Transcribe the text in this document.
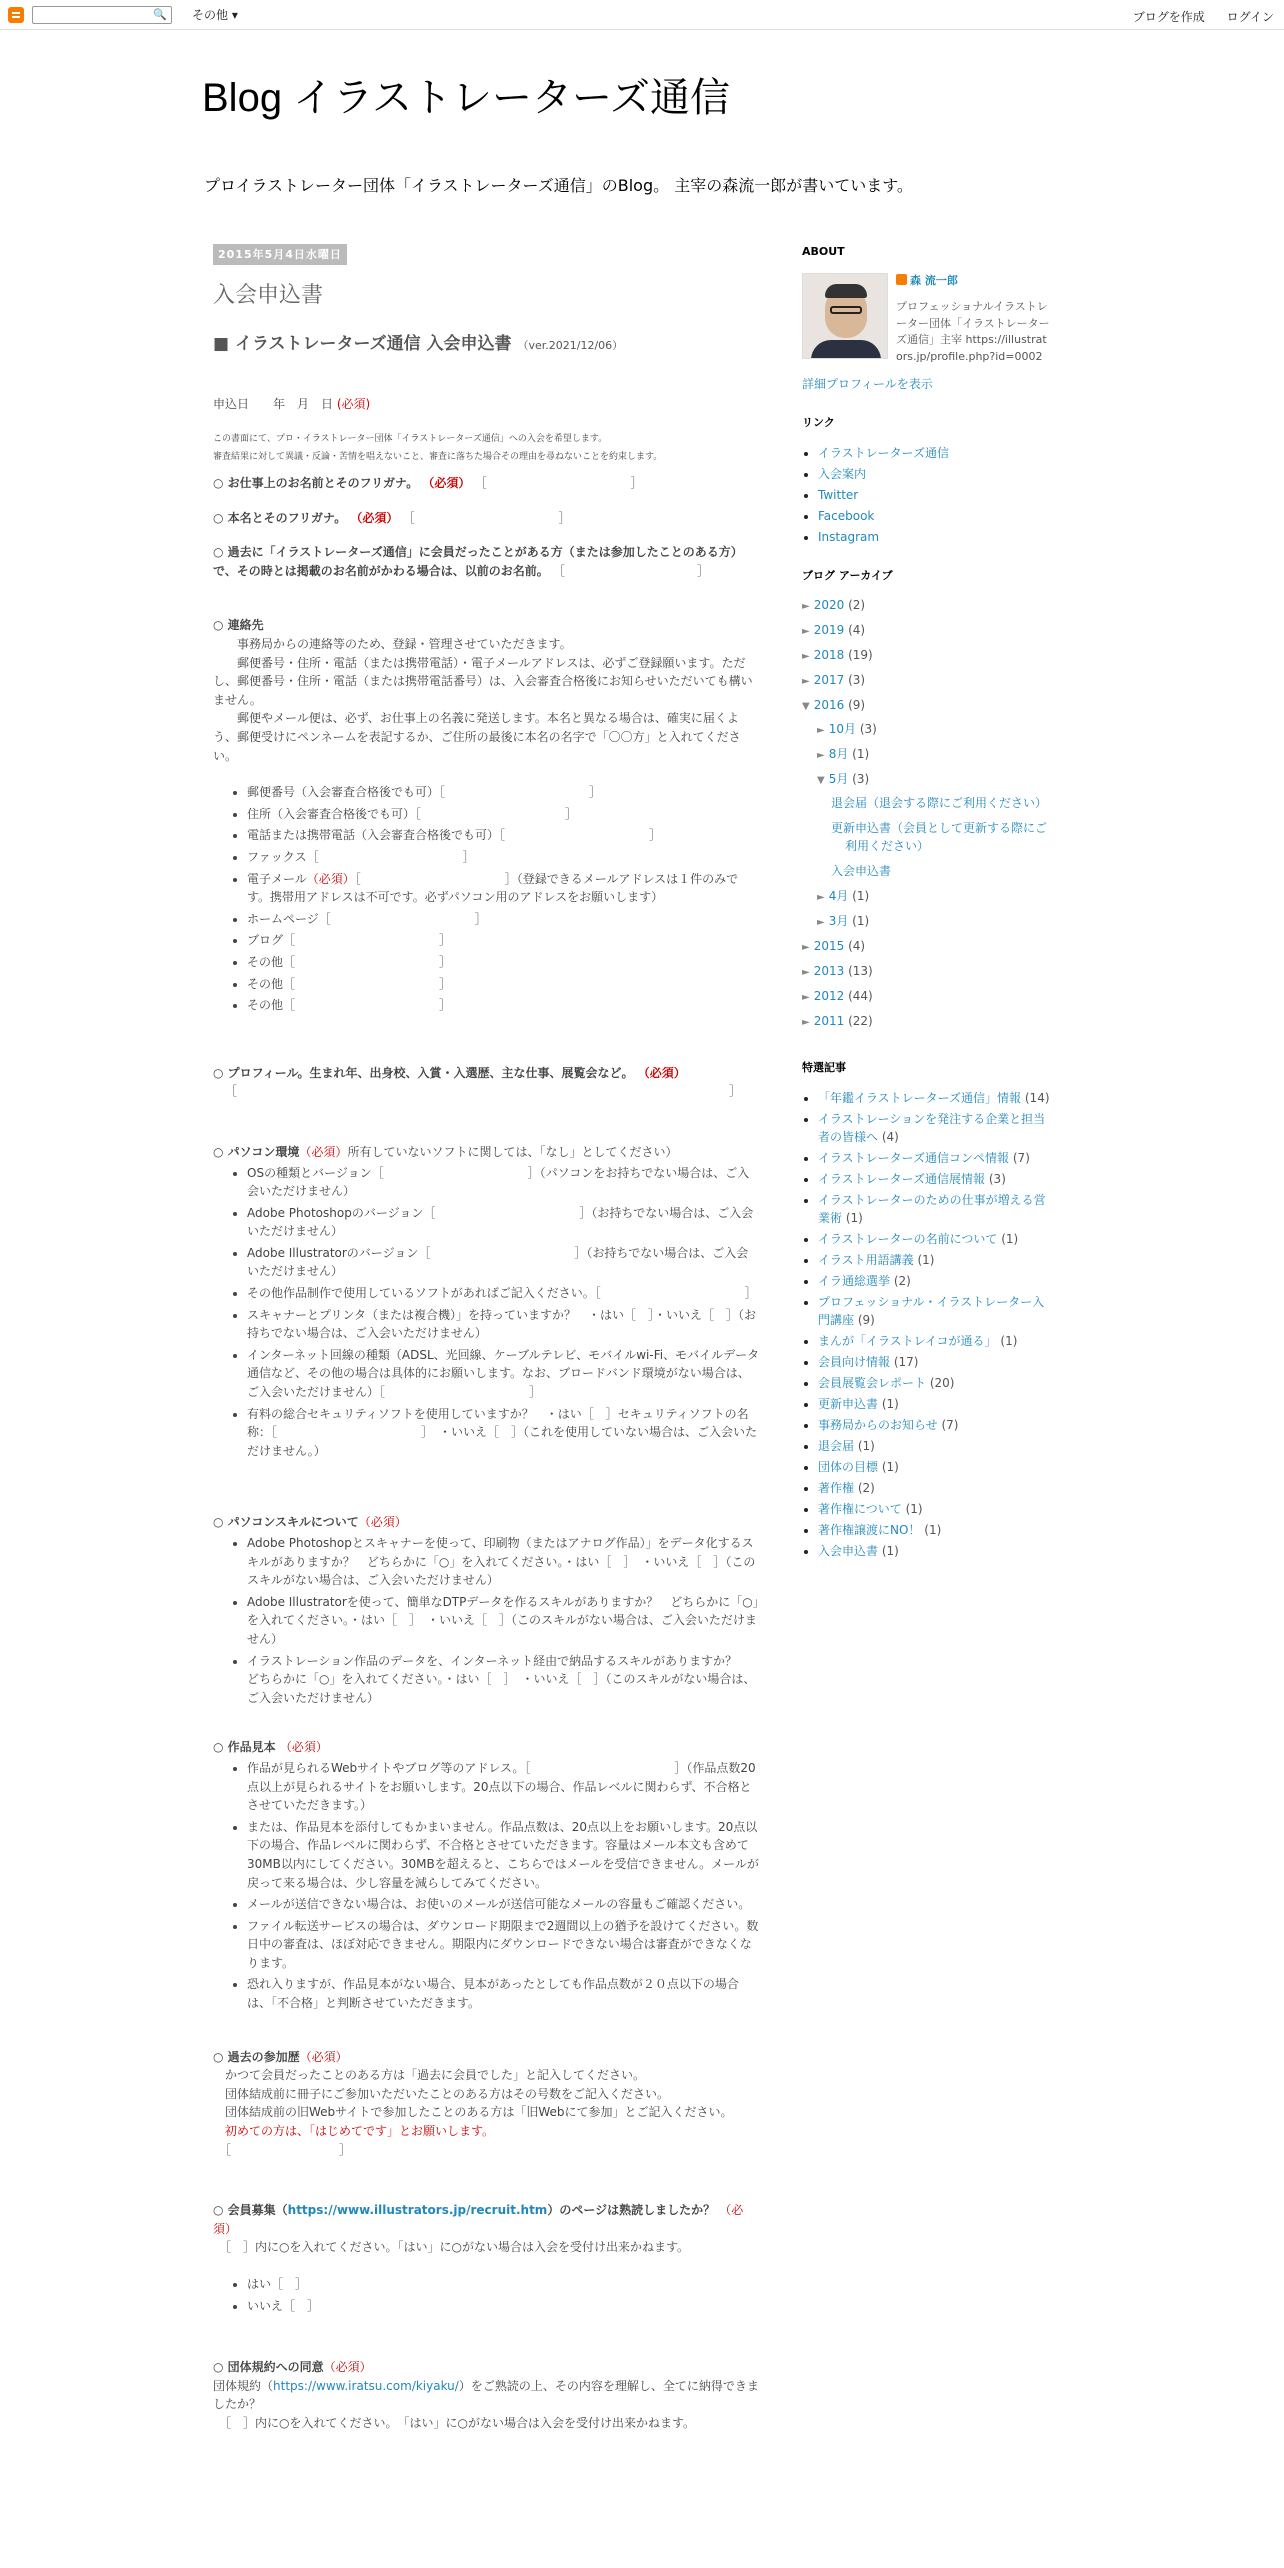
🔍 その他 ▾	ブログを作成 ログイン
Blog イラストレーターズ通信
プロイラストレーター団体「イラストレーターズ通信」のBlog。 主宰の森流一郎が書いています。
2015年5月4日水曜日
入会申込書
■ イラストレーターズ通信 入会申込書 （ver.2021/12/06）

申込日　　年　月　日 (必須)

この書面にて、プロ・イラストレーター団体「イラストレーターズ通信」への入会を希望します。

審査結果に対して異議・反論・苦情を唱えないこと、審査に落ちた場合その理由を尋ねないことを約束します。

○ お仕事上のお名前とそのフリガナ。 （必須） ［　　　　　　　　　　　　］

○ 本名とそのフリガナ。 （必須） ［　　　　　　　　　　　　］

○ 過去に「イラストレーターズ通信」に会員だったことがある方（または参加したことのある方）で、その時とは掲載のお名前がかわる場合は、以前のお名前。 ［　　　　　　　　　　　］

○ 連絡先

　　事務局からの連絡等のため、登録・管理させていただきます。

　　郵便番号・住所・電話（または携帯電話）・電子メールアドレスは、必ずご登録願います。ただし、郵便番号・住所・電話（または携帯電話番号）は、入会審査合格後にお知らせいただいても構いません。

　　郵便やメール便は、必ず、お仕事上の名義に発送します。本名と異なる場合は、確実に届くよう、郵便受けにペンネームを表記するか、ご住所の最後に本名の名字で「〇〇方」と入れてください。

• 郵便番号（入会審査合格後でも可）［　　　　　　　　　　　　］
• 住所（入会審査合格後でも可）［　　　　　　　　　　　　］
• 電話または携帯電話（入会審査合格後でも可）［　　　　　　　　　　　　］
• ファックス［　　　　　　　　　　　　］
• 電子メール（必須）［　　　　　　　　　　　　］（登録できるメールアドレスは１件のみです。携帯用アドレスは不可です。必ずパソコン用のアドレスをお願いします）
• ホームページ［　　　　　　　　　　　　］
• ブログ［　　　　　　　　　　　　］
• その他［　　　　　　　　　　　　］
• その他［　　　　　　　　　　　　］
• その他［　　　　　　　　　　　　］

○ プロフィール。生まれ年、出身校、入賞・入選歴、主な仕事、展覧会など。 （必須）

［　　　　　　　　　　　　　　　　　　　　　　　　　　　　　　　　　　　　　　　　　］

○ パソコン環境（必須）所有していないソフトに関しては、「なし」としてください）

• OSの種類とバージョン［　　　　　　　　　　　　］（パソコンをお持ちでない場合は、ご入会いただけません）
• Adobe Photoshopのバージョン［　　　　　　　　　　　　］（お持ちでない場合は、ご入会いただけません）
• Adobe Illustratorのバージョン［　　　　　　　　　　　　］（お持ちでない場合は、ご入会いただけません）
• その他作品制作で使用しているソフトがあればご記入ください。［　　　　　　　　　　　　］
• スキャナーとプリンタ（または複合機）」を持っていますか？　・はい［　］・いいえ［　］（お持ちでない場合は、ご入会いただけません）
• インターネット回線の種類（ADSL、光回線、ケーブルテレビ、モバイルwi-Fi、モバイルデータ通信など、その他の場合は具体的にお願いします。なお、ブロードバンド環境がない場合は、ご入会いただけません）［　　　　　　　　　　　　］
• 有料の総合セキュリティソフトを使用していますか？　・はい［　］セキュリティソフトの名称：［　　　　　　　　　　　　］　・いいえ［　］（これを使用していない場合は、ご入会いただけません。）

○ パソコンスキルについて（必須）

• Adobe Photoshopとスキャナーを使って、印刷物（またはアナログ作品）」をデータ化するスキルがありますか？　どちらかに「○」を入れてください。・はい［　］　・いいえ［　］（このスキルがない場合は、ご入会いただけません）
• Adobe Illustratorを使って、簡単なDTPデータを作るスキルがありますか？　どちらかに「○」を入れてください。・はい［　］　・いいえ［　］（このスキルがない場合は、ご入会いただけません）
• イラストレーション作品のデータを、インターネット経由で納品するスキルがありますか？　どちらかに「○」を入れてください。・はい［　］　・いいえ［　］（このスキルがない場合は、ご入会いただけません）

○ 作品見本 （必須）

• 作品が見られるWebサイトやブログ等のアドレス。［　　　　　　　　　　　　］（作品点数20点以上が見られるサイトをお願いします。20点以下の場合、作品レベルに関わらず、不合格とさせていただきます。）
• または、作品見本を添付してもかまいません。作品点数は、20点以上をお願いします。20点以下の場合、作品レベルに関わらず、不合格とさせていただきます。容量はメール本文も含めて30MB以内にしてください。30MBを超えると、こちらではメールを受信できません。メールが戻って来る場合は、少し容量を減らしてみてください。
• メールが送信できない場合は、お使いのメールが送信可能なメールの容量もご確認ください。
• ファイル転送サービスの場合は、ダウンロード期限まで2週間以上の猶予を設けてください。数日中の審査は、ほぼ対応できません。期限内にダウンロードできない場合は審査ができなくなります。
• 恐れ入りますが、作品見本がない場合、見本があったとしても作品点数が２０点以下の場合は、「不合格」と判断させていただきます。

○ 過去の参加歴（必須）

　かつて会員だったことのある方は「過去に会員でした」と記入してください。

　団体結成前に冊子にご参加いただいたことのある方はその号数をご記入ください。

　団体結成前の旧Webサイトで参加したことのある方は「旧Webにて参加」とご記入ください。

　初めての方は、「はじめてです」とお願いします。

　［　　　　　　　　　］

○ 会員募集（https://www.illustrators.jp/recruit.htm）のページは熟読しましたか？ （必須）

［　］内に○を入れてください。「はい」に○がない場合は入会を受付け出来かねます。

• はい［　］
• いいえ［　］

○ 団体規約への同意（必須）

団体規約（https://www.iratsu.com/kiyaku/）をご熟読の上、その内容を理解し、全てに納得できましたか？

［　］内に○を入れてください。　「はい」に○がない場合は入会を受付け出来かねます。

ABOUT
森 流一郎
プロフェッショナルイラストレーター団体「イラストレーターズ通信」主宰 https://illustrators.jp/profile.php?id=0002
詳細プロフィールを表示
リンク
• イラストレーターズ通信
• 入会案内
• Twitter
• Facebook
• Instagram
ブログ アーカイブ
► 2020 (2)
► 2019 (4)
► 2018 (19)
► 2017 (3)
▼ 2016 (9)
► 10月 (3)
► 8月 (1)
▼ 5月 (3)
退会届（退会する際にご利用ください）
更新申込書（会員として更新する際にご利用ください）
入会申込書
► 4月 (1)
► 3月 (1)
► 2015 (4)
► 2013 (13)
► 2012 (44)
► 2011 (22)
特選記事
• 「年鑑イラストレーターズ通信」情報 (14)
• イラストレーションを発注する企業と担当者の皆様へ (4)
• イラストレーターズ通信コンペ情報 (7)
• イラストレーターズ通信展情報 (3)
• イラストレーターのための仕事が増える営業術 (1)
• イラストレーターの名前について (1)
• イラスト用語講義 (1)
• イラ通総選挙 (2)
• プロフェッショナル・イラストレーター入門講座 (9)
• まんが「イラストレイコが通る」 (1)
• 会員向け情報 (17)
• 会員展覧会レポート (20)
• 更新申込書 (1)
• 事務局からのお知らせ (7)
• 退会届 (1)
• 団体の目標 (1)
• 著作権 (2)
• 著作権について (1)
• 著作権譲渡にNO！ (1)
• 入会申込書 (1)
